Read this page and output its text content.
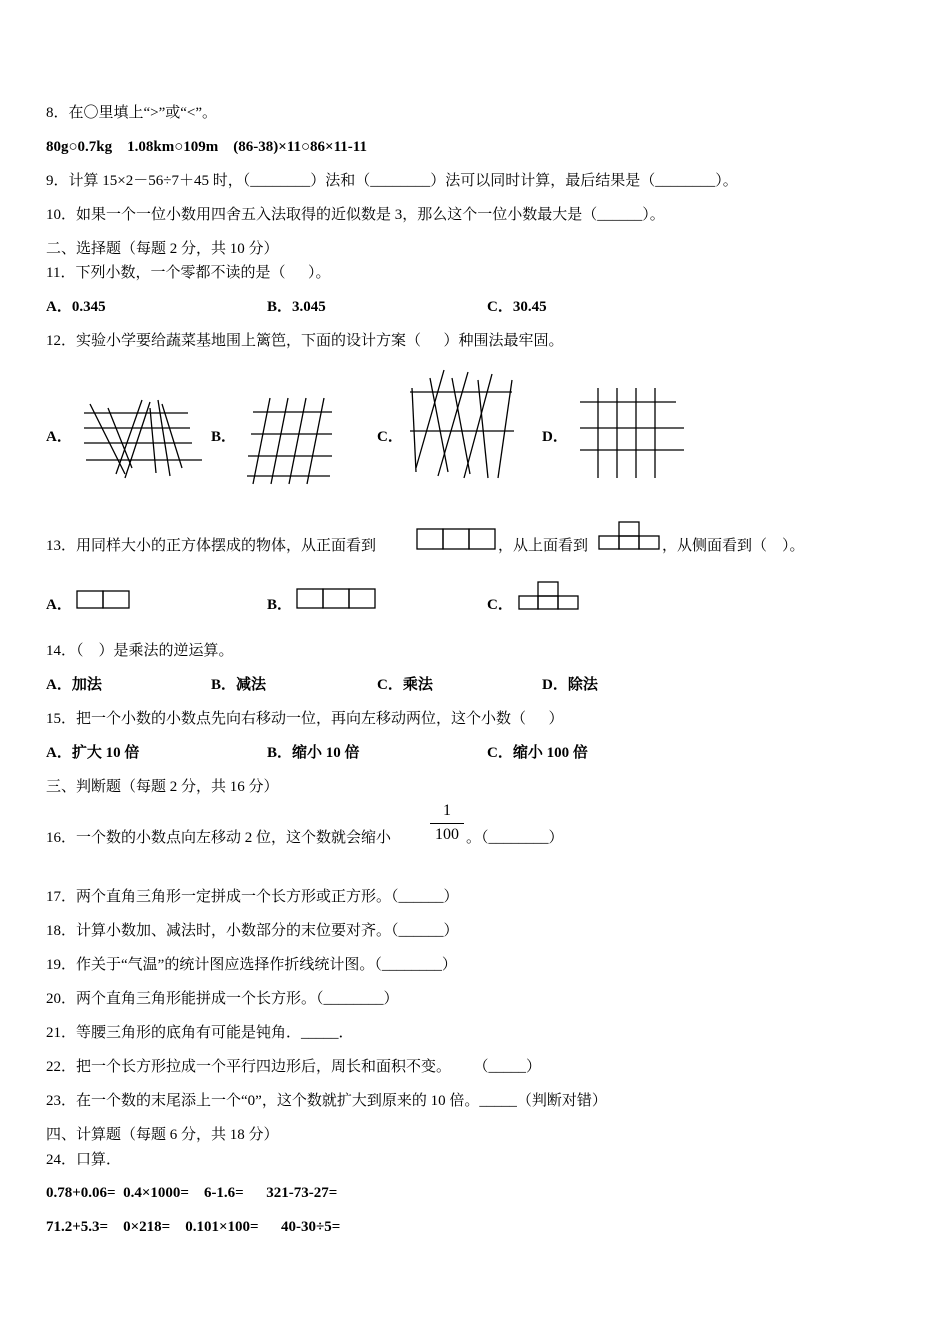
8．在〇里填上“>”或“<”。
80g○0.7kg    1.08km○109m    (86-38)×11○86×11-11
9．计算 15×2－56÷7＋45 时，（________）法和（________）法可以同时计算，最后结果是（________）。
10．如果一个一位小数用四舍五入法取得的近似数是 3，那么这个一位小数最大是（______）。
二、选择题（每题 2 分，共 10 分）
11．下列小数，一个零都不读的是（      ）。
A．0.345	B．3.045	C．30.45
12．实验小学要给蔬菜基地围上篱笆，下面的设计方案（      ）种围法最牢固。
A．	B．	C．	D．
13．用同样大小的正方体摆成的物体，从正面看到	，从上面看到	，从侧面看到（    ）。
A．	B．	C．
14．（    ）是乘法的逆运算。
A．加法	B．减法	C．乘法	D．除法
15．把一个小数的小数点先向右移动一位，再向左移动两位，这个小数（      ）
A．扩大 10 倍	B．缩小 10 倍	C．缩小 100 倍
三、判断题（每题 2 分，共 16 分）
16．一个数的小数点向左移动 2 位，这个数就会缩小
1
100 。（________）
17．两个直角三角形一定拼成一个长方形或正方形。（______）
18．计算小数加、减法时，小数部分的末位要对齐。（______）
19．作关于“气温”的统计图应选择作折线统计图。（________）
20．两个直角三角形能拼成一个长方形。（________）
21．等腰三角形的底角有可能是钝角．_____．
22．把一个长方形拉成一个平行四边形后，周长和面积不变。      （_____）
23．在一个数的末尾添上一个“0”，这个数就扩大到原来的 10 倍。_____（判断对错）
四、计算题（每题 6 分，共 18 分）
24．口算．
0.78+0.06=  0.4×1000=    6-1.6=      321-73-27=
71.2+5.3=    0×218=    0.101×100=      40-30÷5=
